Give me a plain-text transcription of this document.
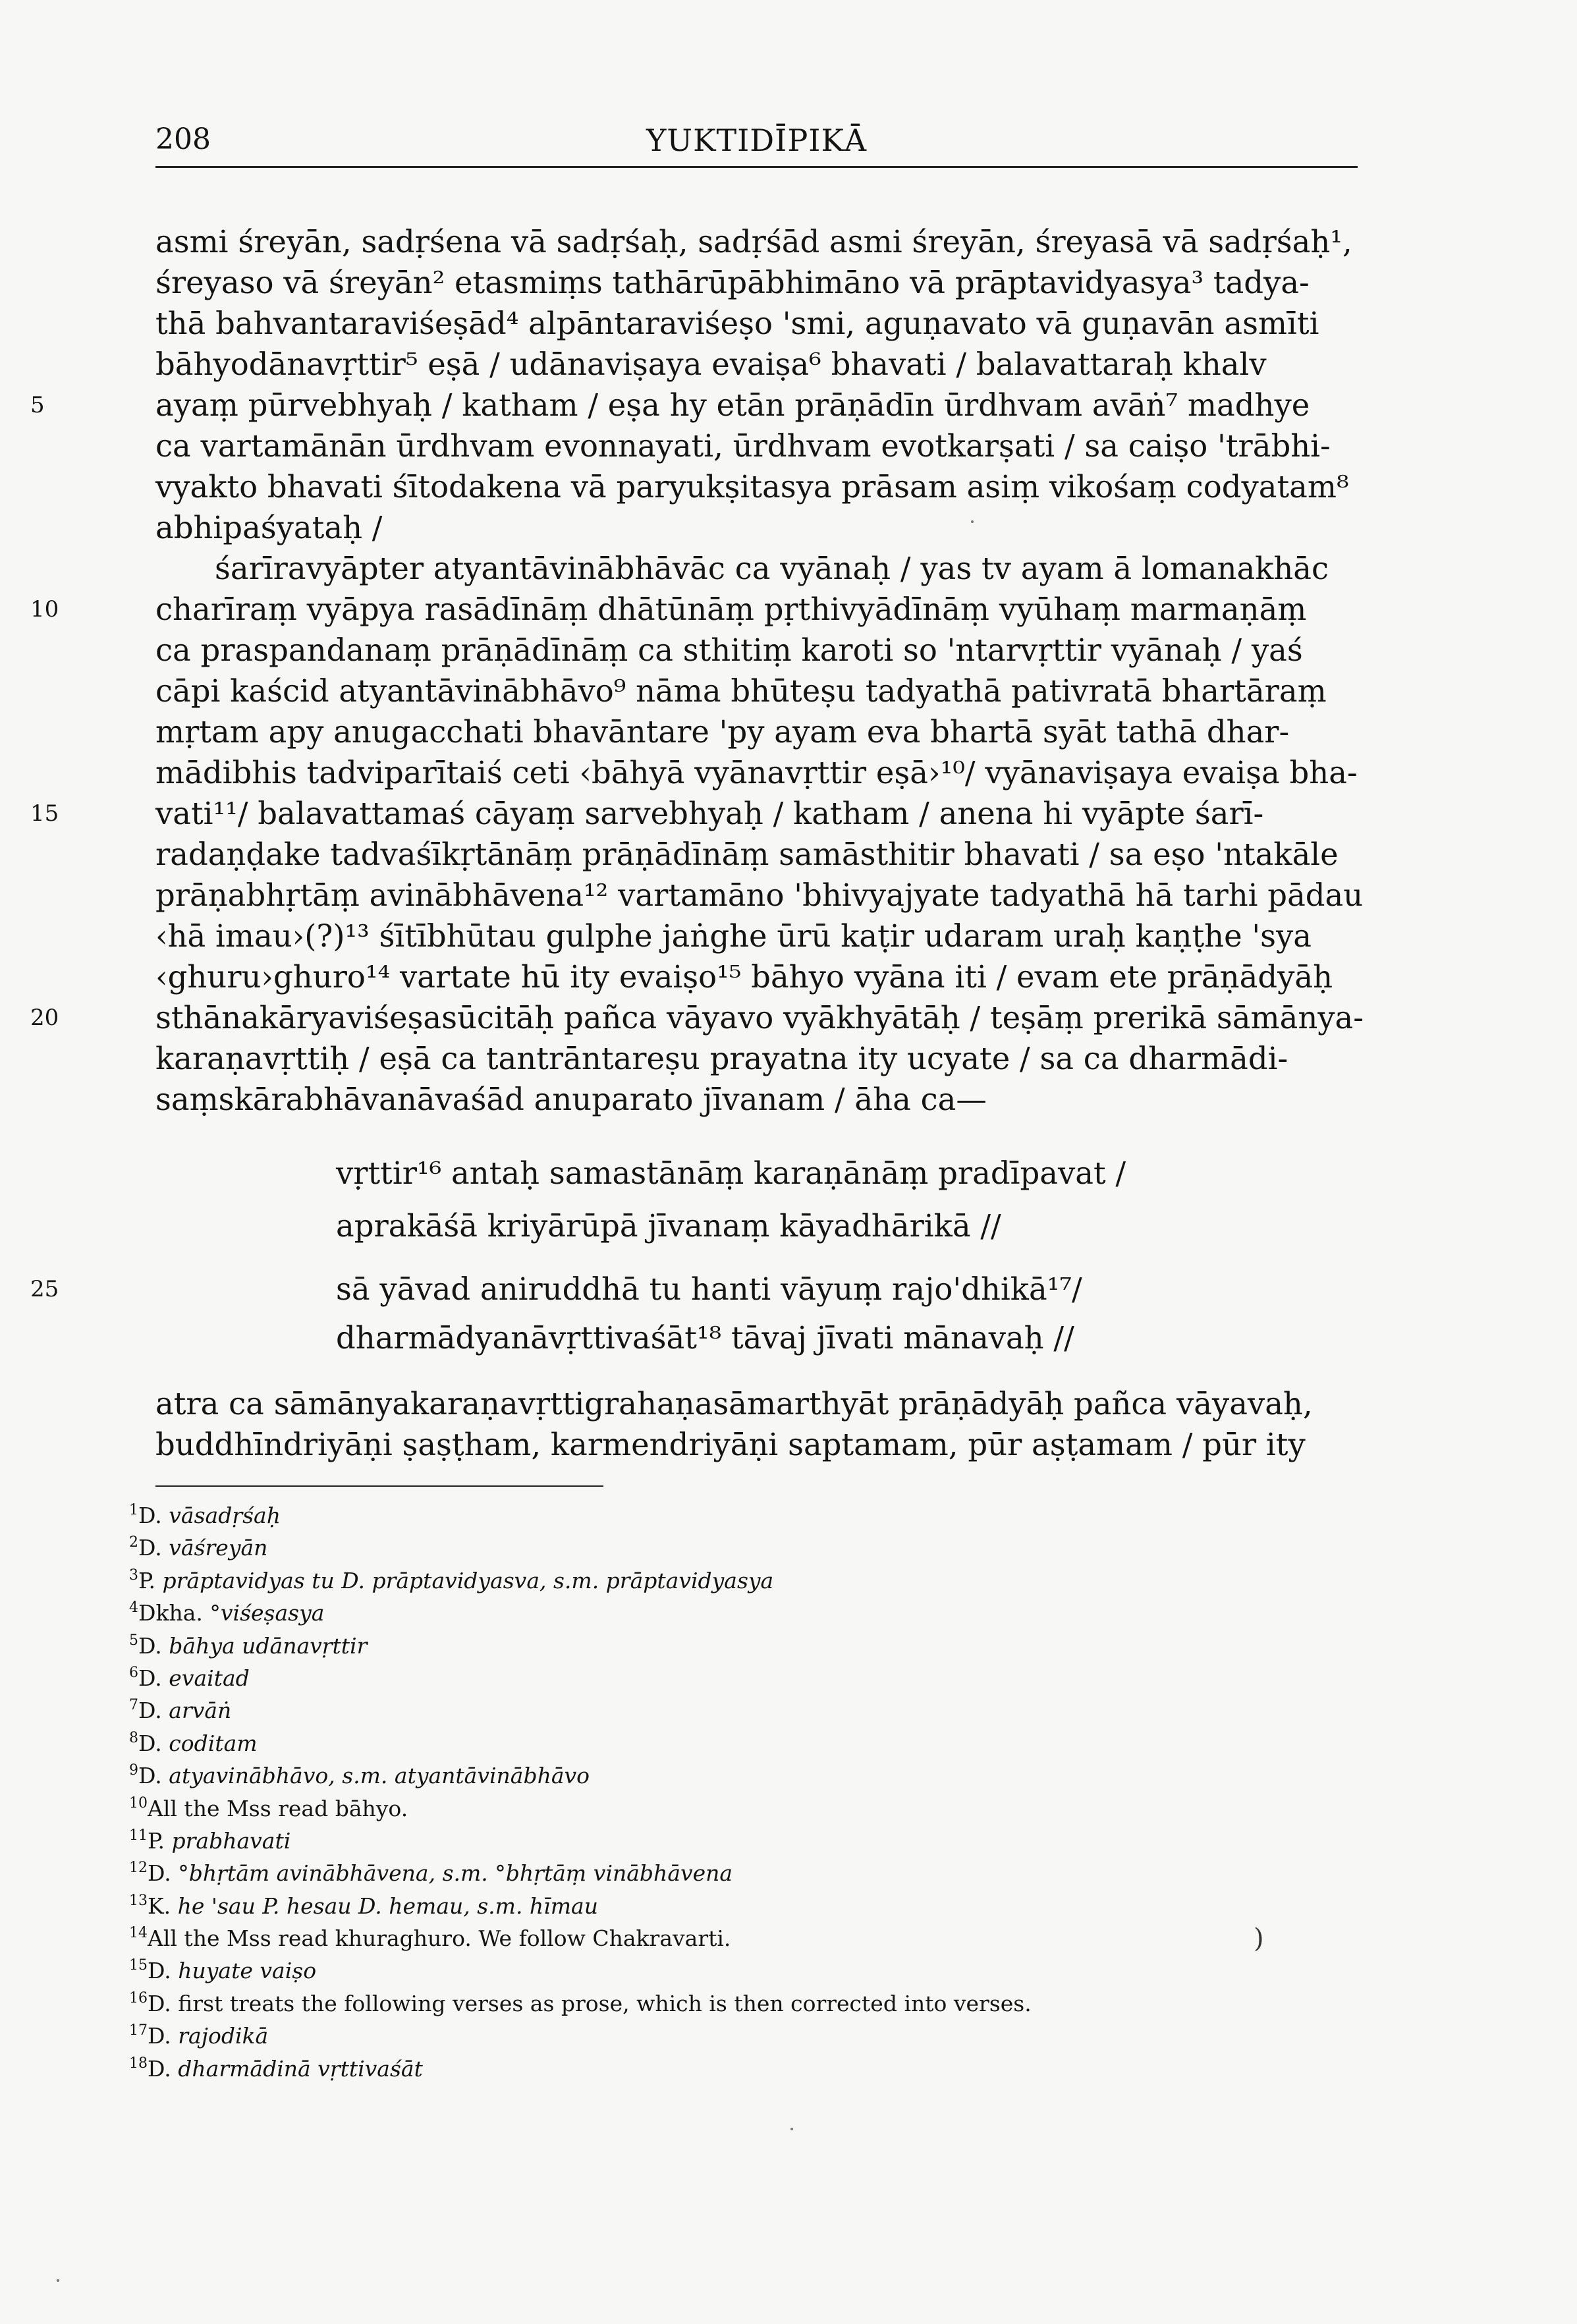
208	YUKTIDĪPIKĀ
asmi śreyān, sadṛśena vā sadṛśaḥ, sadṛśād asmi śreyān, śreyasā vā sadṛśaḥ¹,
śreyaso vā śreyān² etasmiṃs tathārūpābhimāno vā prāptavidyasya³ tadya-
thā bahvantaraviśeṣād⁴ alpāntaraviśeṣo 'smi, aguṇavato vā guṇavān asmīti
bāhyodānavṛttir⁵ eṣā / udānaviṣaya evaiṣa⁶ bhavati / balavattaraḥ khalv
ayaṃ pūrvebhyaḥ / katham / eṣa hy etān prāṇādīn ūrdhvam avāṅ⁷ madhye
5
ca vartamānān ūrdhvam evonnayati, ūrdhvam evotkarṣati / sa caiṣo 'trābhi-
vyakto bhavati śītodakena vā paryukṣitasya prāsam asiṃ vikośaṃ codyatam⁸
abhipaśyataḥ /
śarīravyāpter atyantāvinābhāvāc ca vyānaḥ / yas tv ayam ā lomanakhāc
charīraṃ vyāpya rasādīnāṃ dhātūnāṃ pṛthivyādīnāṃ vyūhaṃ marmaṇāṃ
10
ca praspandanaṃ prāṇādīnāṃ ca sthitiṃ karoti so 'ntarvṛttir vyānaḥ / yaś
cāpi kaścid atyantāvinābhāvo⁹ nāma bhūteṣu tadyathā pativratā bhartāraṃ
mṛtam apy anugacchati bhavāntare 'py ayam eva bhartā syāt tathā dhar-
mādibhis tadviparītaiś ceti ‹bāhyā vyānavṛttir eṣā›¹⁰/ vyānaviṣaya evaiṣa bha-
vati¹¹/ balavattamaś cāyaṃ sarvebhyaḥ / katham / anena hi vyāpte śarī-
15
radaṇḍake tadvaśīkṛtānāṃ prāṇādīnāṃ samāsthitir bhavati / sa eṣo 'ntakāle
prāṇabhṛtāṃ avinābhāvena¹² vartamāno 'bhivyajyate tadyathā hā tarhi pādau
‹hā imau›(?)¹³ śītībhūtau gulphe jaṅghe ūrū kaṭir udaram uraḥ kaṇṭhe 'sya
‹ghuru›ghuro¹⁴ vartate hū ity evaiṣo¹⁵ bāhyo vyāna iti / evam ete prāṇādyāḥ
sthānakāryaviśeṣasūcitāḥ pañca vāyavo vyākhyātāḥ / teṣāṃ prerikā sāmānya-
20
karaṇavṛttiḥ / eṣā ca tantrāntareṣu prayatna ity ucyate / sa ca dharmādi-
saṃskārabhāvanāvaśād anuparato jīvanam / āha ca—
vṛttir¹⁶ antaḥ samastānāṃ karaṇānāṃ pradīpavat /
aprakāśā kriyārūpā jīvanaṃ kāyadhārikā //
sā yāvad aniruddhā tu hanti vāyuṃ rajo'dhikā¹⁷/
25
dharmādyanāvṛttivaśāt¹⁸ tāvaj jīvati mānavaḥ //
atra ca sāmānyakaraṇavṛttigrahaṇasāmarthyāt prāṇādyāḥ pañca vāyavaḥ,
buddhīndriyāṇi ṣaṣṭham, karmendriyāṇi saptamam, pūr aṣṭamam / pūr ity
1D. vāsadṛśaḥ
2D. vāśreyān
3P. prāptavidyas tu D. prāptavidyasva, s.m. prāptavidyasya
4Dkha. °viśeṣasya
5D. bāhya udānavṛttir
6D. evaitad
7D. arvāṅ
8D. coditam
9D. atyavinābhāvo, s.m. atyantāvinābhāvo
10All the Mss read bāhyo.
11P. prabhavati
12D. °bhṛtām avinābhāvena, s.m. °bhṛtāṃ vinābhāvena
13K. he 'sau P. hesau D. hemau, s.m. hīmau
14All the Mss read khuraghuro. We follow Chakravarti.
15D. huyate vaiṣo
16D. first treats the following verses as prose, which is then corrected into verses.
17D. rajodikā
18D. dharmādinā vṛttivaśāt
)
